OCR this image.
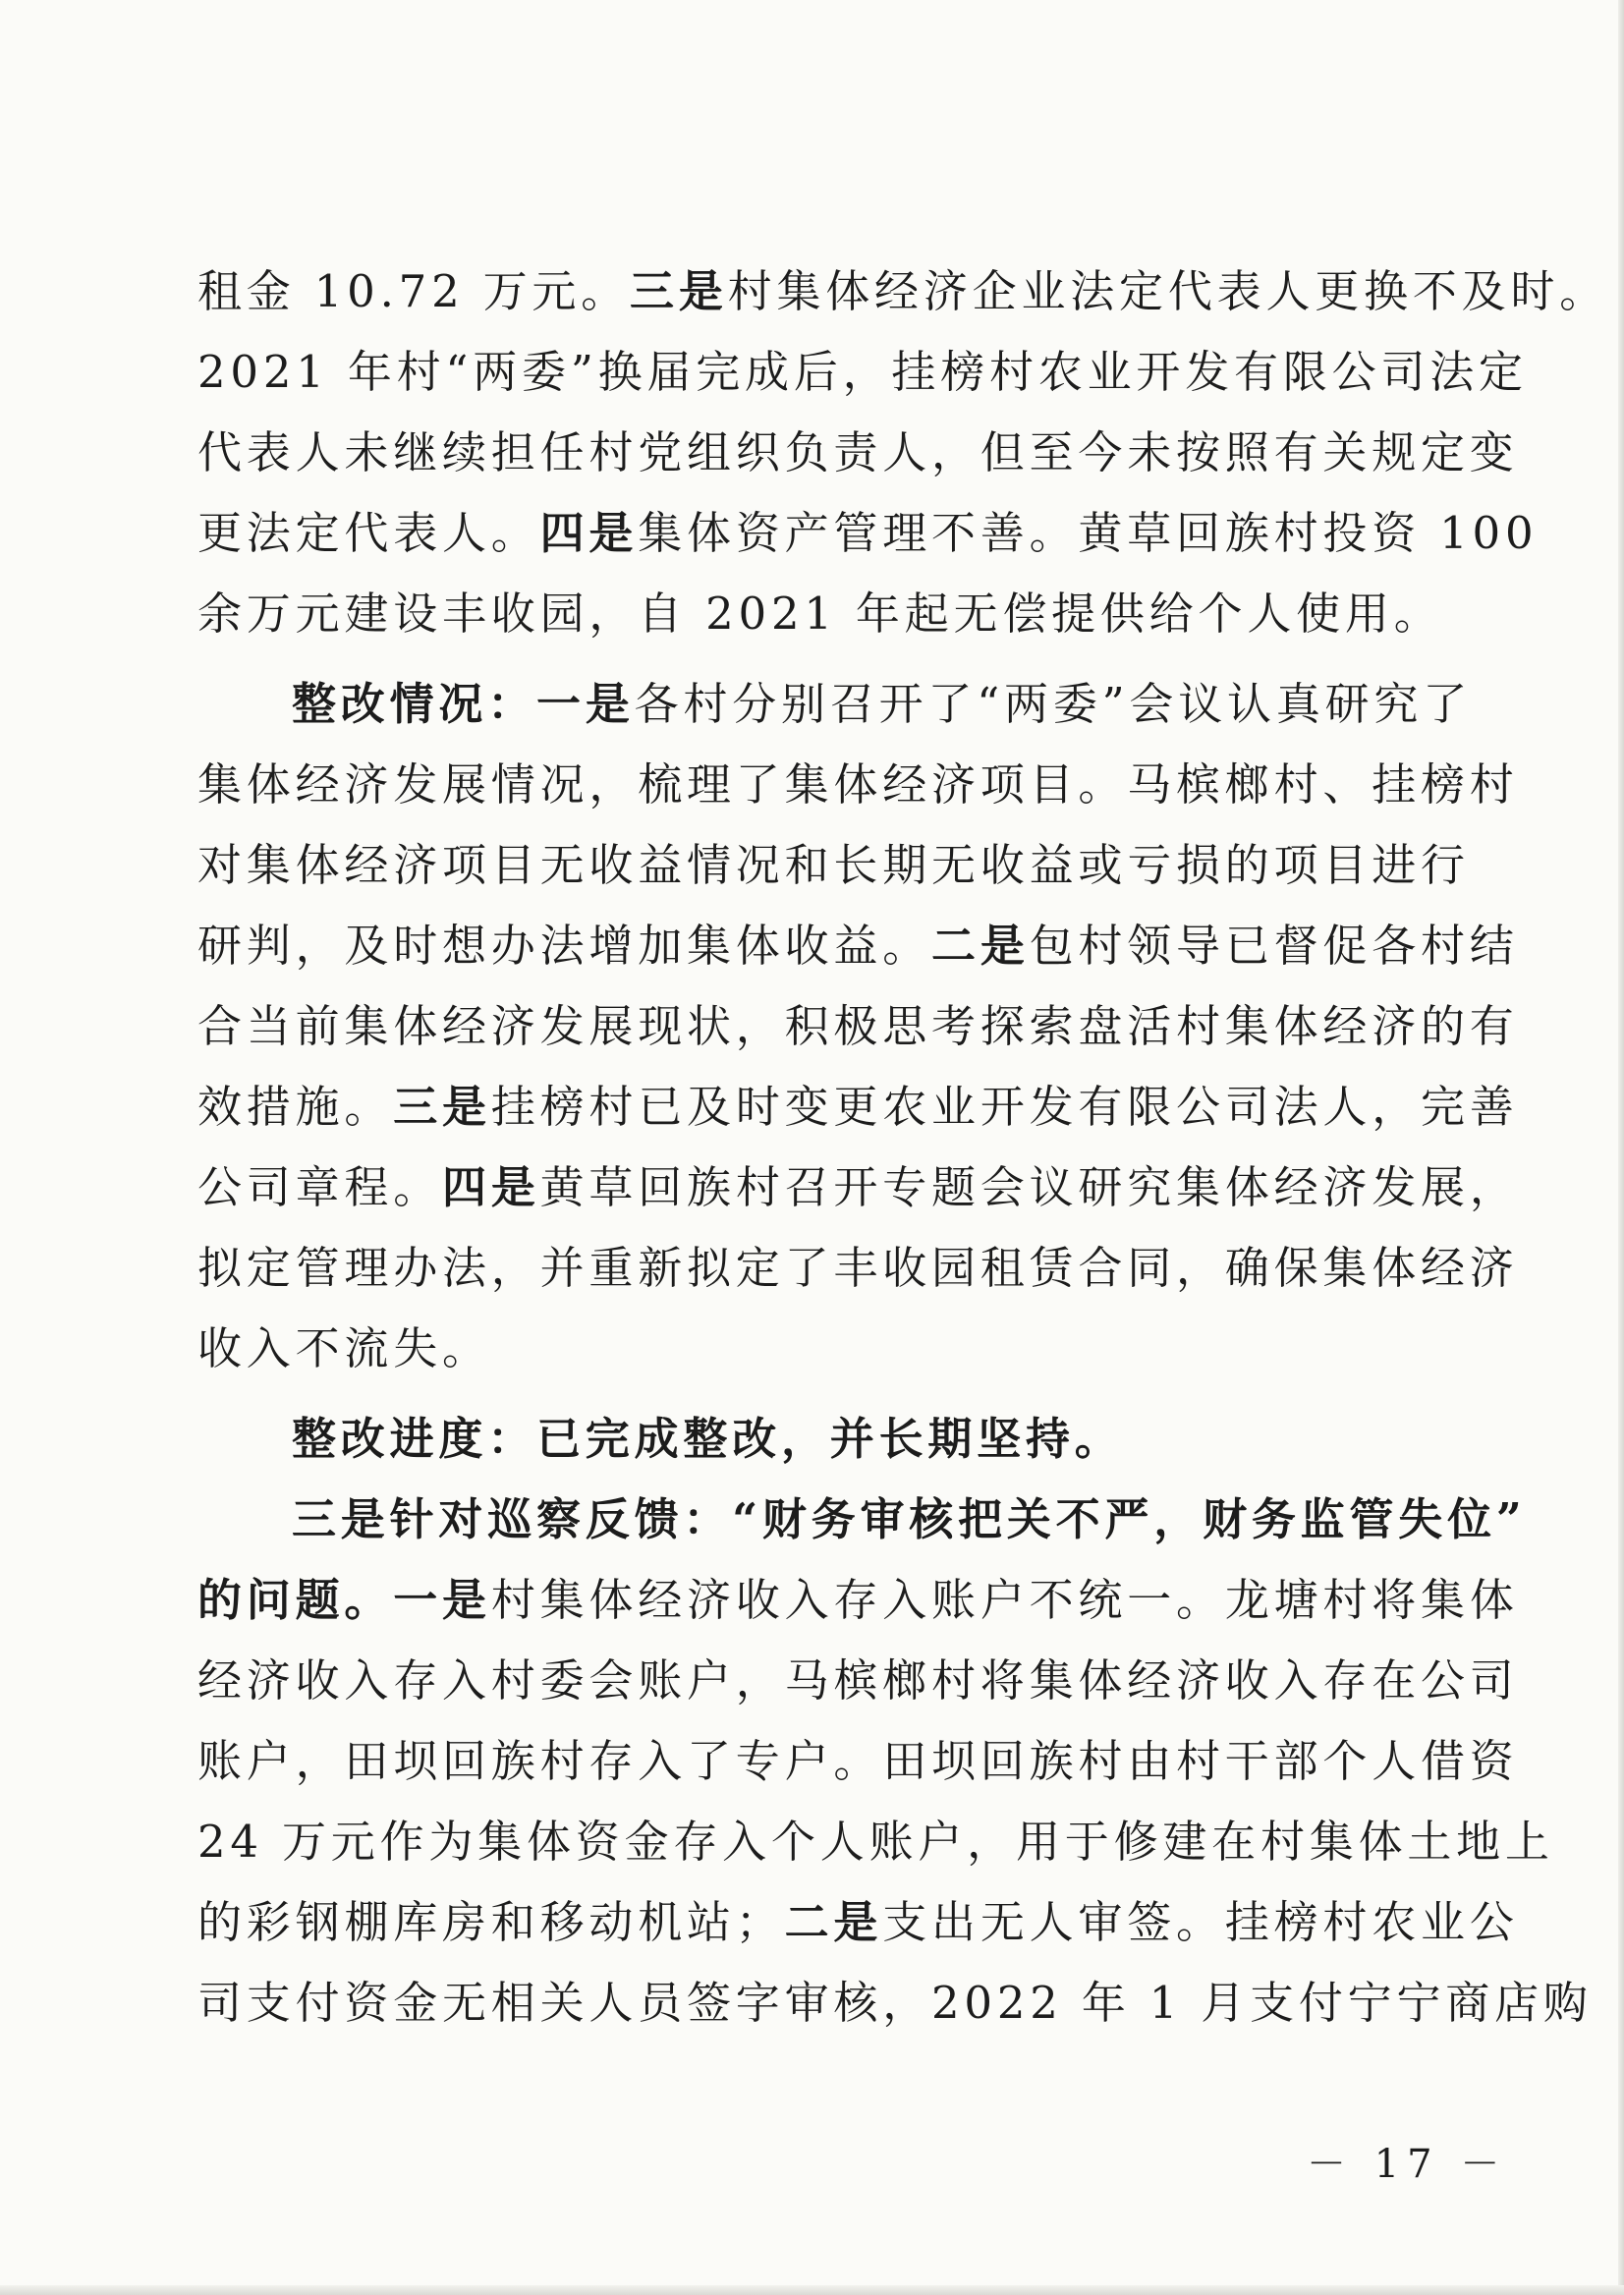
租金 10.72 万元。三是村集体经济企业法定代表人更换不及时。
2021 年村“两委”换届完成后，挂榜村农业开发有限公司法定
代表人未继续担任村党组织负责人，但至今未按照有关规定变
更法定代表人。四是集体资产管理不善。黄草回族村投资 100
余万元建设丰收园，自 2021 年起无偿提供给个人使用。
整改情况：一是各村分别召开了“两委”会议认真研究了
集体经济发展情况，梳理了集体经济项目。马槟榔村、挂榜村
对集体经济项目无收益情况和长期无收益或亏损的项目进行
研判，及时想办法增加集体收益。二是包村领导已督促各村结
合当前集体经济发展现状，积极思考探索盘活村集体经济的有
效措施。三是挂榜村已及时变更农业开发有限公司法人，完善
公司章程。四是黄草回族村召开专题会议研究集体经济发展，
拟定管理办法，并重新拟定了丰收园租赁合同，确保集体经济
收入不流失。
整改进度：已完成整改，并长期坚持。
三是针对巡察反馈：“财务审核把关不严，财务监管失位”
的问题。一是村集体经济收入存入账户不统一。龙塘村将集体
经济收入存入村委会账户，马槟榔村将集体经济收入存在公司
账户，田坝回族村存入了专户。田坝回族村由村干部个人借资
24 万元作为集体资金存入个人账户，用于修建在村集体土地上
的彩钢棚库房和移动机站；二是支出无人审签。挂榜村农业公
司支付资金无相关人员签字审核，2022 年 1 月支付宁宁商店购
－ 17 －
